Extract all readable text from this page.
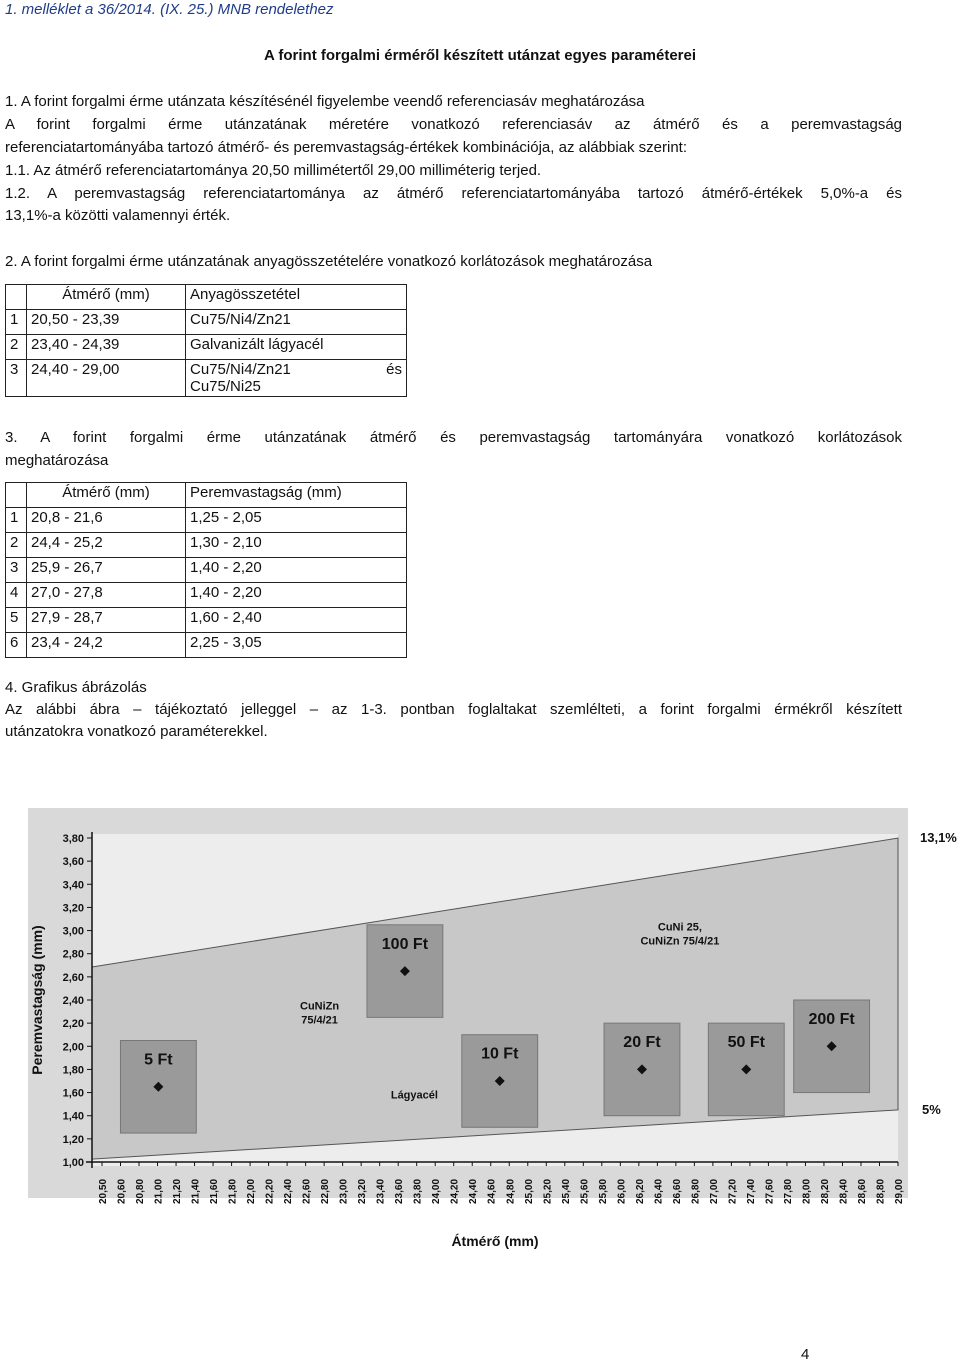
1. melléklet a 36/2014. (IX. 25.) MNB rendelethez
A forint forgalmi érméről készített utánzat egyes paraméterei
1. A forint forgalmi érme utánzata készítésénél figyelembe veendő referenciasáv meghatározása
A forint forgalmi érme utánzatának méretére vonatkozó referenciasáv az átmérő és a peremvastagság
referenciatartományába tartozó átmérő- és peremvastagság-értékek kombinációja, az alábbiak szerint:
1.1. Az átmérő referenciatartománya 20,50 millimétertől 29,00 milliméterig terjed.
1.2. A peremvastagság referenciatartománya az átmérő referenciatartományába tartozó átmérő-értékek 5,0%-a és
13,1%-a közötti valamennyi érték.
2. A forint forgalmi érme utánzatának anyagösszetételére vonatkozó korlátozások meghatározása
	Átmérő (mm)	Anyagösszetétel
1	20,50 - 23,39	Cu75/Ni4/Zn21
2	23,40 - 24,39	Galvanizált lágyacél
3	24,40 - 29,00	Cu75/Ni4/Zn21 és
Cu75/Ni25
3. A forint forgalmi érme utánzatának átmérő és peremvastagság tartományára vonatkozó korlátozások
meghatározása
	Átmérő (mm)	Peremvastagság (mm)
1	20,8 - 21,6	1,25 - 2,05
2	24,4 - 25,2	1,30 - 2,10
3	25,9 - 26,7	1,40 - 2,20
4	27,0 - 27,8	1,40 - 2,20
5	27,9 - 28,7	1,60 - 2,40
6	23,4 - 24,2	2,25 - 3,05
4. Grafikus ábrázolás
Az alábbi ábra – tájékoztató jelleggel – az 1-3. pontban foglaltakat szemlélteti, a forint forgalmi érmékről készített
utánzatokra vonatkozó paraméterekkel.
3,80
3,60
3,40
3,20
3,00
2,80
2,60
2,40
2,20
2,00
1,80
1,60
1,40
1,20
1,00
Peremvastagság (mm)
20,50 20,60 20,80 21,00 21,20 21,40 21,60 21,80 22,00 22,20 22,40 22,60 22,80 23,00 23,20 23,40 23,60 23,80 24,00 24,20 24,40 24,60 24,80 25,00 25,20 25,40 25,60 25,80 26,00 26,20 26,40 26,60 26,80 27,00 27,20 27,40 27,60 27,80 28,00 28,20 28,40 28,60 28,80 29,00
Átmérő (mm)
5 Ft
100 Ft
10 Ft
20 Ft	50 Ft
200 Ft
CuNiZn 75/4/21
Lágyacél
CuNi 25, CuNiZn 75/4/21
13,1%
5%
4
